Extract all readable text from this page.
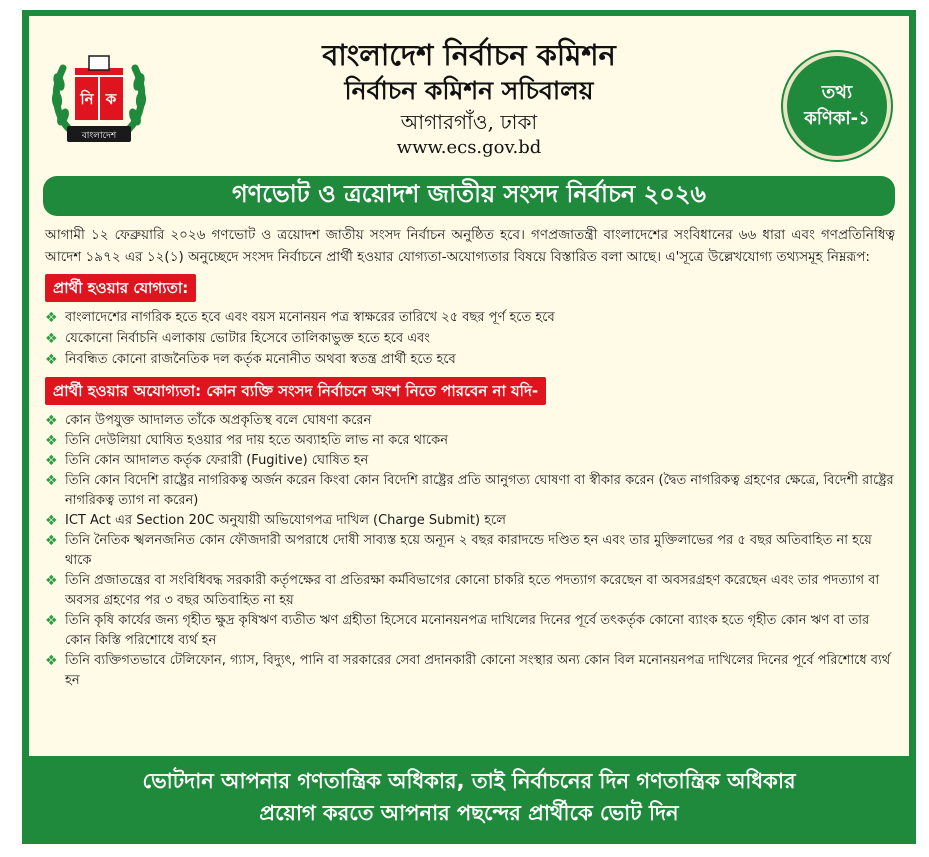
নি ক
বাংলাদেশ
বাংলাদেশ নির্বাচন কমিশন
নির্বাচন কমিশন সচিবালয়
আগারগাঁও, ঢাকা
www.ecs.gov.bd
তথ্য
কণিকা-১
গণভোট ও ত্রয়োদশ জাতীয় সংসদ নির্বাচন ২০২৬

আগামী ১২ ফেব্রুয়ারি ২০২৬ গণভোট ও ত্রয়োদশ জাতীয় সংসদ নির্বাচন অনুষ্ঠিত হবে। গণপ্রজাতন্ত্রী বাংলাদেশের সংবিধানের ৬৬ ধারা এবং গণপ্রতিনিধিত্ব আদেশ ১৯৭২ এর ১২(১) অনুচ্ছেদে সংসদ নির্বাচনে প্রার্থী হওয়ার যোগ্যতা-অযোগ্যতার বিষয়ে বিস্তারিত বলা আছে। এ'সূত্রে উল্লেখযোগ্য তথ্যসমূহ নিম্নরূপ:

প্রার্থী হওয়ার যোগ্যতা:
❖ বাংলাদেশের নাগরিক হতে হবে এবং বয়স মনোনয়ন পত্র স্বাক্ষরের তারিখে ২৫ বছর পূর্ণ হতে হবে
❖ যেকোনো নির্বাচনি এলাকায় ভোটার হিসেবে তালিকাভুক্ত হতে হবে এবং
❖ নিবন্ধিত কোনো রাজনৈতিক দল কর্তৃক মনোনীত অথবা স্বতন্ত্র প্রার্থী হতে হবে
প্রার্থী হওয়ার অযোগ্যতা: কোন ব্যক্তি সংসদ নির্বাচনে অংশ নিতে পারবেন না যদি-
❖ কোন উপযুক্ত আদালত তাঁকে অপ্রকৃতিস্থ বলে ঘোষণা করেন
❖ তিনি দেউলিয়া ঘোষিত হওয়ার পর দায় হতে অব্যাহতি লাভ না করে থাকেন
❖ তিনি কোন আদালত কর্তৃক ফেরারী (Fugitive) ঘোষিত হন
❖ তিনি কোন বিদেশি রাষ্ট্রের নাগরিকত্ব অর্জন করেন কিংবা কোন বিদেশি রাষ্ট্রের প্রতি আনুগত্য ঘোষণা বা স্বীকার করেন (দ্বৈত নাগরিকত্ব গ্রহণের ক্ষেত্রে, বিদেশী রাষ্ট্রের নাগরিকত্ব ত্যাগ না করেন)
❖ ICT Act এর Section 20C অনুযায়ী অভিযোগপত্র দাখিল (Charge Submit) হলে
❖ তিনি নৈতিক স্খলনজনিত কোন ফৌজদারী অপরাধে দোষী সাব্যস্ত হয়ে অন্যূন ২ বছর কারাদন্ডে দণ্ডিত হন এবং তার মুক্তিলাভের পর ৫ বছর অতিবাহিত না হয়ে থাকে
❖ তিনি প্রজাতন্ত্রের বা সংবিধিবদ্ধ সরকারী কর্তৃপক্ষের বা প্রতিরক্ষা কর্মবিভাগের কোনো চাকরি হতে পদত্যাগ করেছেন বা অবসরগ্রহণ করেছেন এবং তার পদত্যাগ বা অবসর গ্রহণের পর ৩ বছর অতিবাহিত না হয়
❖ তিনি কৃষি কার্যের জন্য গৃহীত ক্ষুদ্র কৃষিঋণ ব্যতীত ঋণ গ্রহীতা হিসেবে মনোনয়নপত্র দাখিলের দিনের পূর্বে তৎকর্তৃক কোনো ব্যাংক হতে গৃহীত কোন ঋণ বা তার কোন কিস্তি পরিশোধে ব্যর্থ হন
❖ তিনি ব্যক্তিগতভাবে টেলিফোন, গ্যাস, বিদ্যুৎ, পানি বা সরকারের সেবা প্রদানকারী কোনো সংস্থার অন্য কোন বিল মনোনয়নপত্র দাখিলের দিনের পূর্বে পরিশোধে ব্যর্থ হন
ভোটদান আপনার গণতান্ত্রিক অধিকার, তাই নির্বাচনের দিন গণতান্ত্রিক অধিকার
প্রয়োগ করতে আপনার পছন্দের প্রার্থীকে ভোট দিন
